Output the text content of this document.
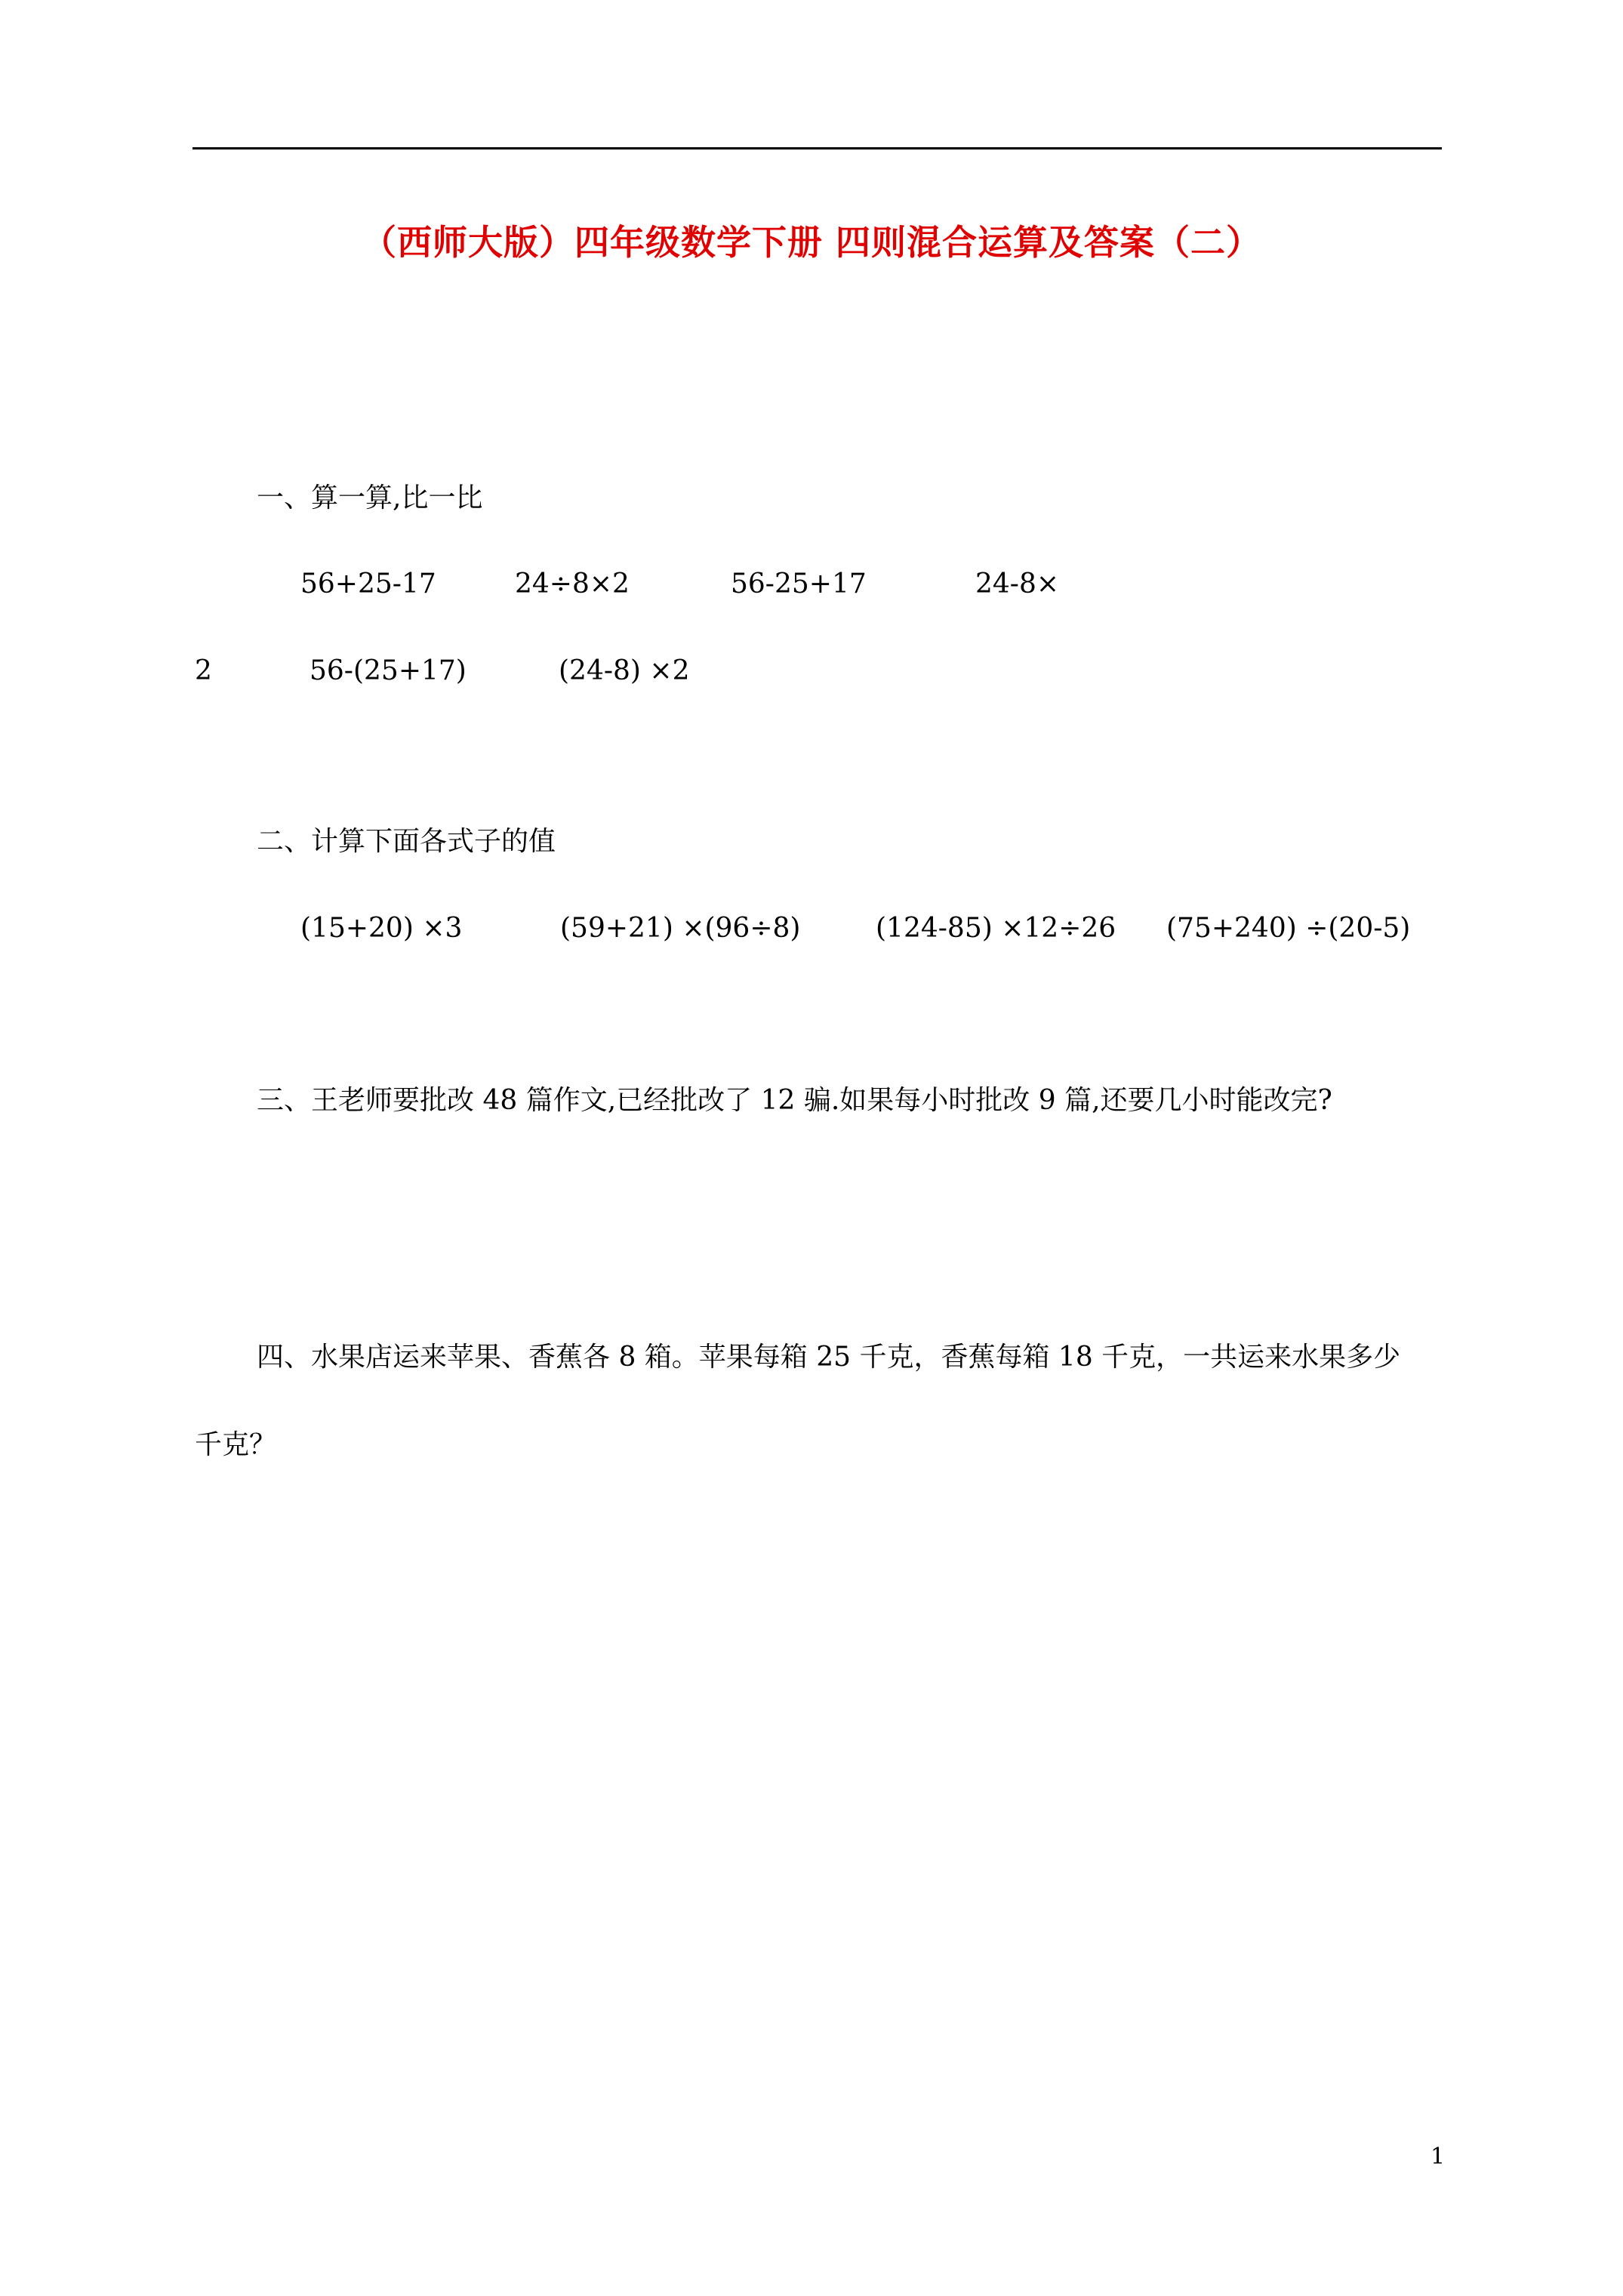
（西师大版）四年级数学下册 四则混合运算及答案（二）
一、算一算,比一比
56+25-17	24÷8×2	56-25+17	24-8×
2	56-(25+17)	(24-8) ×2
二、计算下面各式子的值
(15+20) ×3	(59+21) ×(96÷8)	(124-85) ×12÷26 (75+240) ÷(20-5)
三、王老师要批改 48 篇作文,已经批改了 12 骗.如果每小时批改 9 篇,还要几小时能改完?
四、水果店运来苹果、香蕉各 8 箱。苹果每箱 25 千克，香蕉每箱 18 千克，一共运来水果多少
千克？
1
